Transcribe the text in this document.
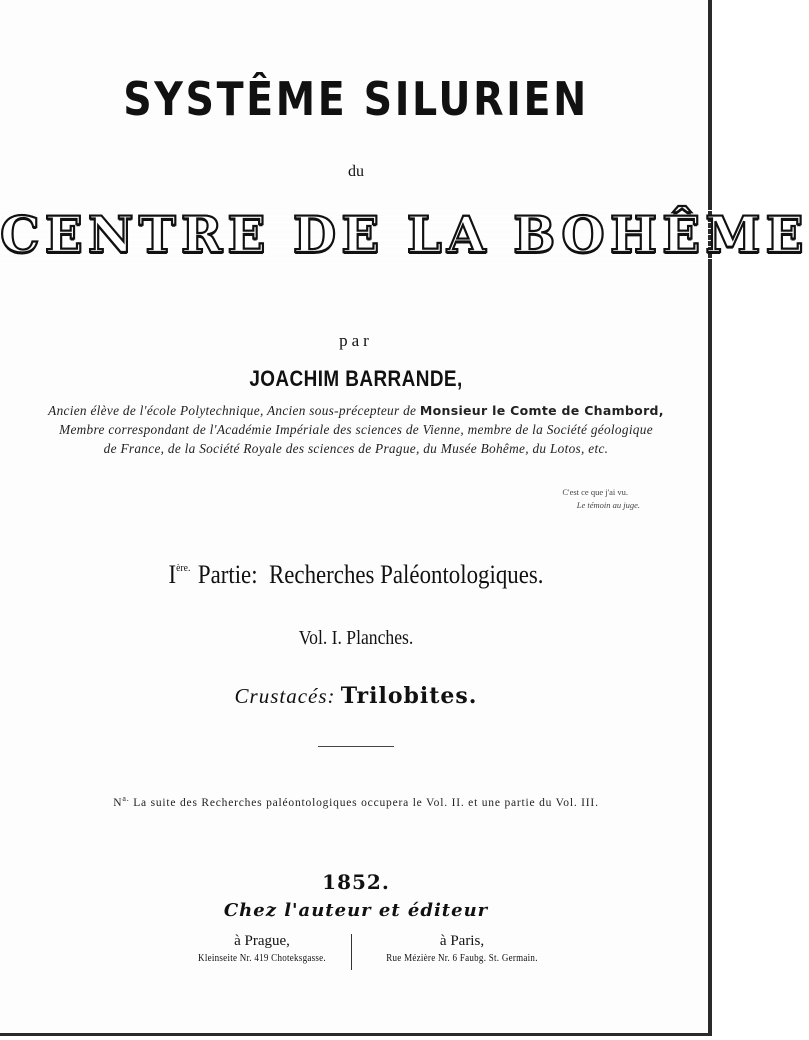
SYSTÊME SILURIEN
du
CENTRE DE LA BOHÊME
par
JOACHIM BARRANDE,
Ancien élève de l'école Polytechnique, Ancien sous-précepteur de Monsieur le Comte de Chambord,
Membre correspondant de l'Académie Impériale des sciences de Vienne, membre de la Société géologique
de France, de la Société Royale des sciences de Prague, du Musée Bohême, du Lotos, etc.
C'est ce que j'ai vu.
Le témoin au juge.
$I^{ère.}$ Partie:  Recherches Paléontologiques.
Vol. I. Planches.
Crustacés: Trilobites.
$N^{a.}$ La suite des Recherches paléontologiques occupera le Vol. II. et une partie du Vol. III.
1852.
Chez l'auteur et éditeur
à Prague,
Kleinseite Nr. 419 Choteksgasse.
à Paris,
Rue Mézière Nr. 6 Faubg. St. Germain.
